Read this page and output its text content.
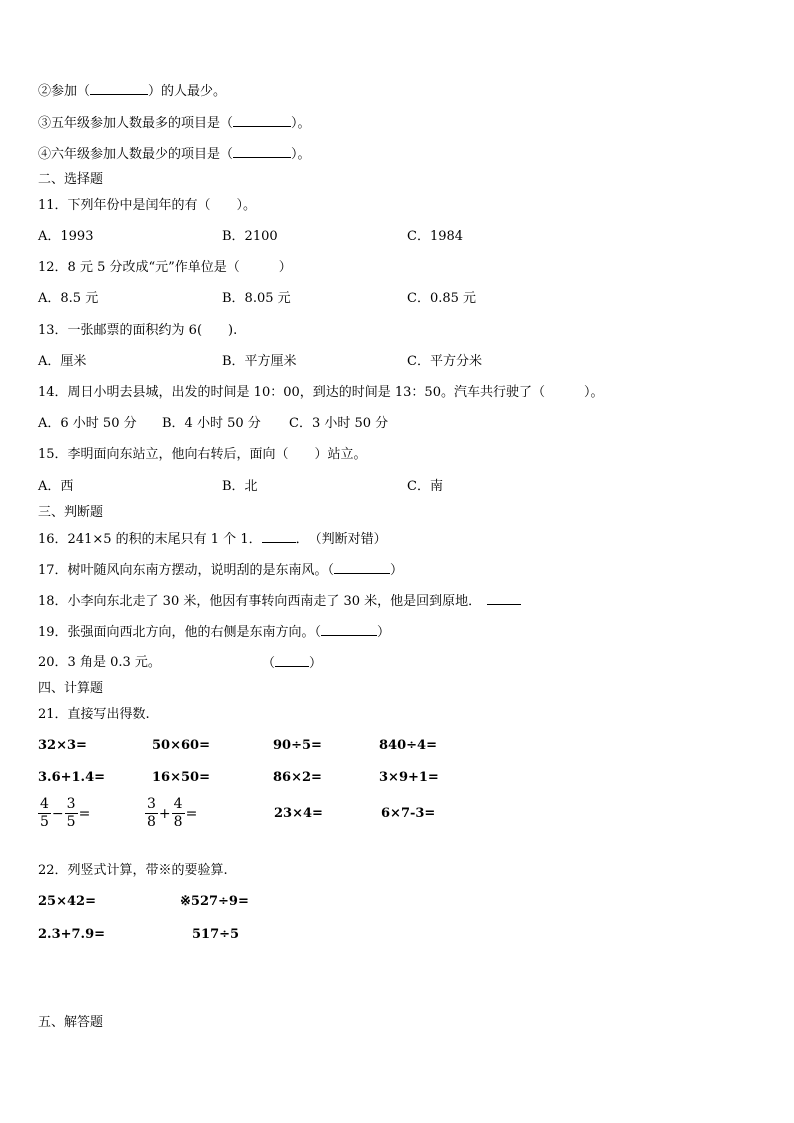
②参加（	）的人最少。
③五年级参加人数最多的项目是（	）。
④六年级参加人数最少的项目是（	）。
二、选择题
11．下列年份中是闰年的有（　　）。
A．1993	B．2100	C．1984
12．8 元 5 分改成“元”作单位是（　　　）
A．8.5 元	B．8.05 元	C．0.85 元
13．一张邮票的面积约为 6(　　).
A．厘米	B．平方厘米	C．平方分米
14．周日小明去县城，出发的时间是 10：00，到达的时间是 13：50。汽车共行驶了（　　　）。
A．6 小时 50 分 B．4 小时 50 分 C．3 小时 50 分
15．李明面向东站立，他向右转后，面向（　　）站立。
A．西	B．北	C．南
三、判断题
16．241×5 的积的末尾只有 1 个 1．	．　（判断对错）
17．树叶随风向东南方摆动，说明刮的是东南风。（	）
18．小李向东北走了 30 米，他因有事转向西南走了 30 米，他是回到原地．
19．张强面向西北方向，他的右侧是东南方向。（	）
20．3 角是 0.3 元。	（	）
四、计算题
21．直接写出得数.
32×3=	50×60=	90÷5=	840÷4=
3.6+1.4=	16×50=	86×2=	3×9+1=
$\frac{4}{5} - \frac{3}{5}$ =	$\frac{3}{8} + \frac{4}{8}$ =	23×4=	6×7-3=
22．列竖式计算，带※的要验算.
25×42=	※527÷9=
2.3+7.9=	517÷5
五、解答题
